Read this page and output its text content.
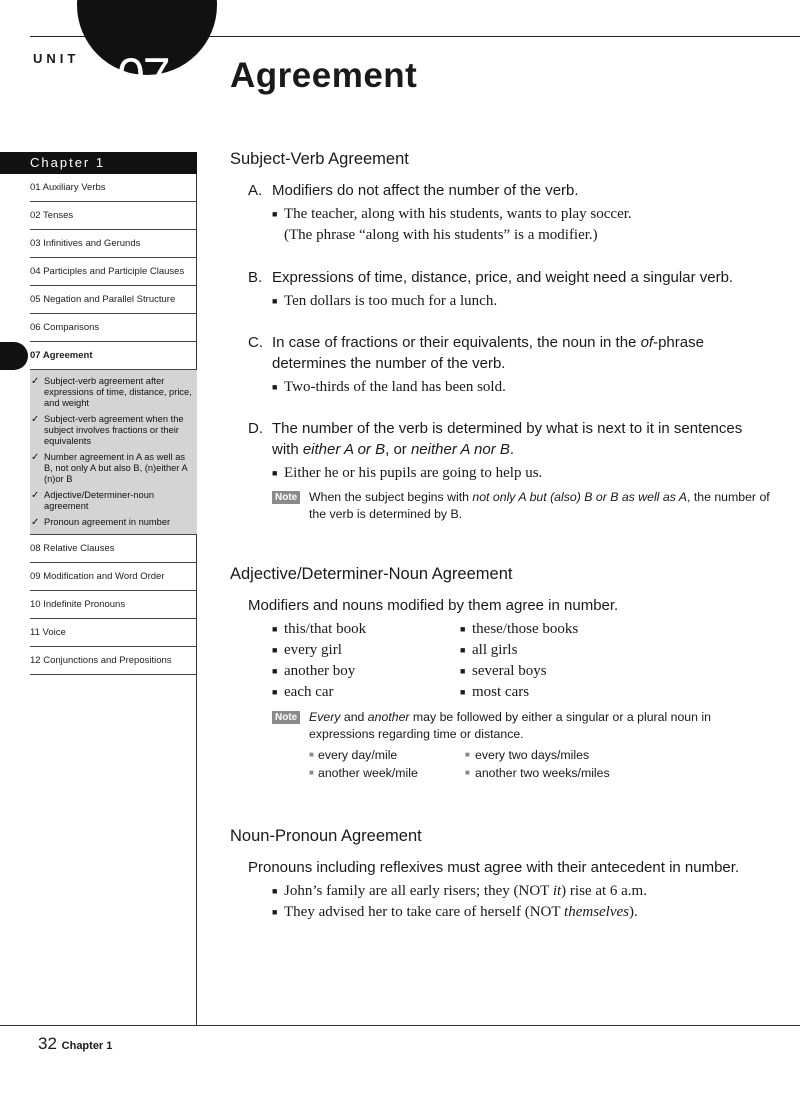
UNIT 07 Agreement
Chapter 1
01 Auxiliary Verbs
02 Tenses
03 Infinitives and Gerunds
04 Participles and Participle Clauses
05 Negation and Parallel Structure
06 Comparisons
07 Agreement
✓ Subject-verb agreement after expressions of time, distance, price, and weight
✓ Subject-verb agreement when the subject involves fractions or their equivalents
✓ Number agreement in A as well as B, not only A but also B, (n)either A (n)or B
✓ Adjective/Determiner-noun agreement
✓ Pronoun agreement in number
08 Relative Clauses
09 Modification and Word Order
10 Indefinite Pronouns
11 Voice
12 Conjunctions and Prepositions
Subject-Verb Agreement
A. Modifiers do not affect the number of the verb.
■ The teacher, along with his students, wants to play soccer.
(The phrase “along with his students” is a modifier.)
B. Expressions of time, distance, price, and weight need a singular verb.
■ Ten dollars is too much for a lunch.
C. In case of fractions or their equivalents, the noun in the of-phrase determines the number of the verb.
■ Two-thirds of the land has been sold.
D. The number of the verb is determined by what is next to it in sentences with either A or B, or neither A nor B.
■ Either he or his pupils are going to help us.
Note When the subject begins with not only A but (also) B or B as well as A, the number of the verb is determined by B.
Adjective/Determiner-Noun Agreement
Modifiers and nouns modified by them agree in number.
■ this/that book
■ every girl
■ another boy
■ each car
■ these/those books
■ all girls
■ several boys
■ most cars
Note Every and another may be followed by either a singular or a plural noun in expressions regarding time or distance.
■ every day/mile
■ another week/mile
■ every two days/miles
■ another two weeks/miles
Noun-Pronoun Agreement
Pronouns including reflexives must agree with their antecedent in number.
■ John’s family are all early risers; they (NOT it) rise at 6 a.m.
■ They advised her to take care of herself (NOT themselves).
32 Chapter 1
